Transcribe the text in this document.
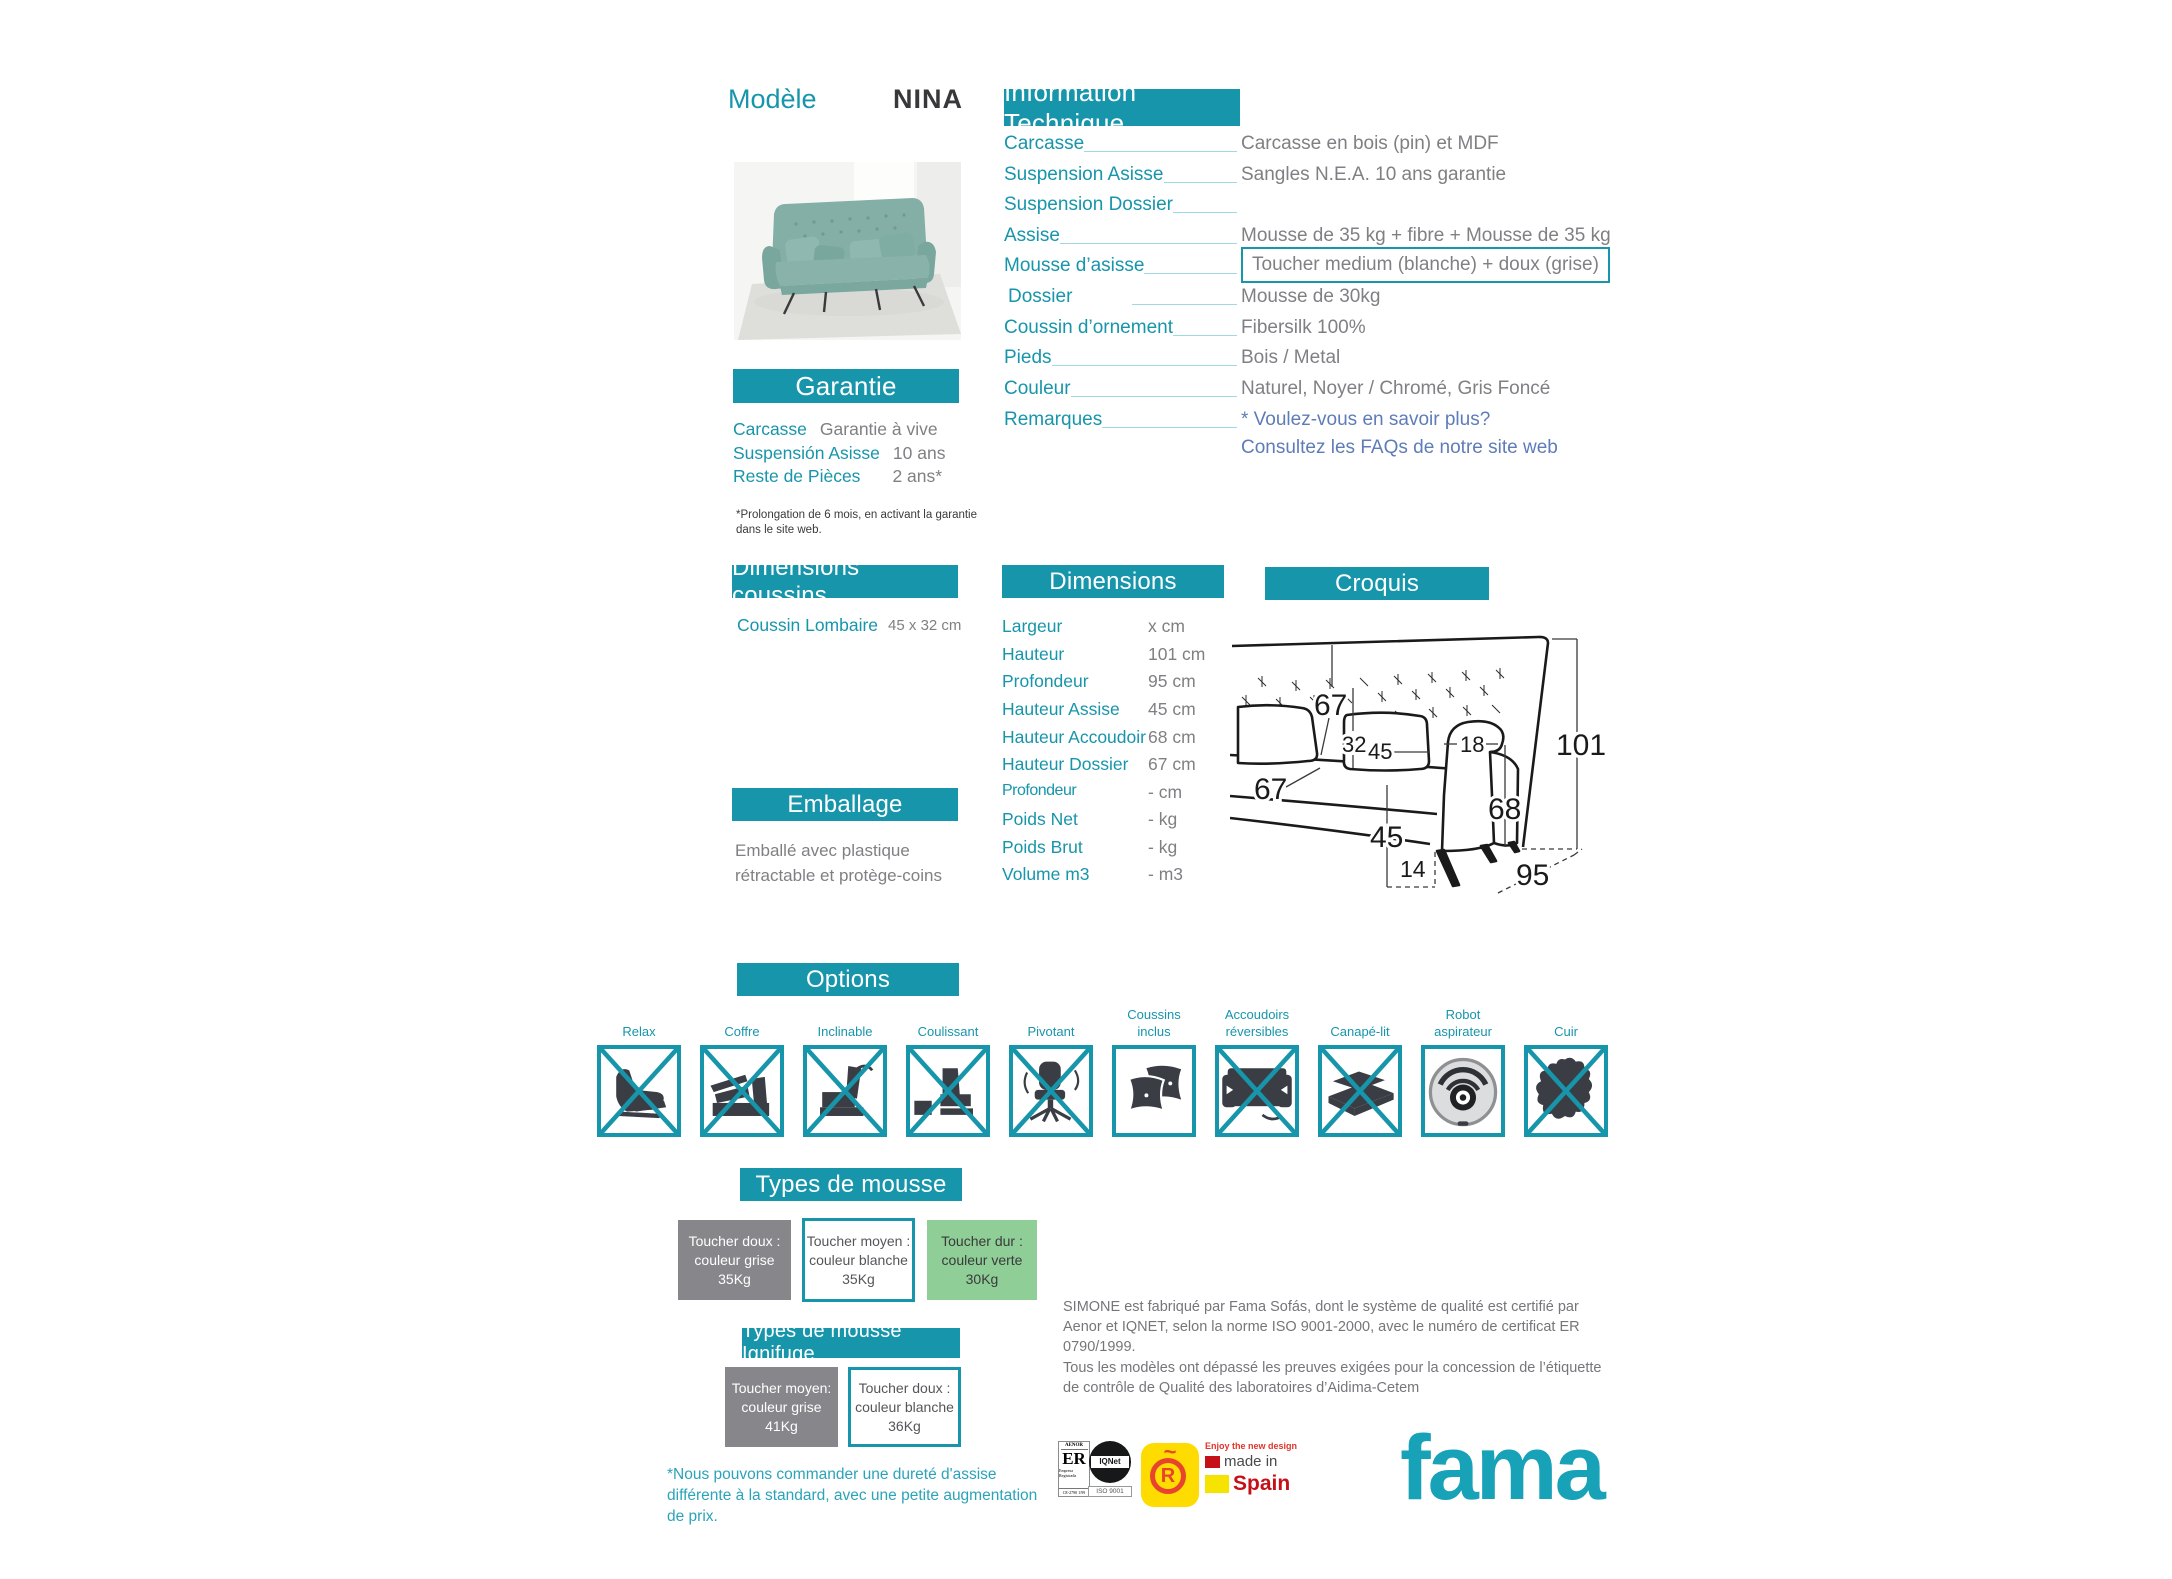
Modèle	NINA Information Technique
Carcasse	Carcasse en bois (pin) et MDF
Suspension Asisse	Sangles N.E.A. 10 ans garantie
Suspension Dossier
Assise	Mousse de 35 kg + fibre + Mousse de 35 kg
Mousse d’asisse	Toucher medium (blanche) + doux (grise)
Dossier	Mousse de 30kg
Coussin d’ornement	Fibersilk 100%
Pieds	Bois / Metal
Couleur	Naturel, Noyer / Chromé, Gris Foncé
Remarques	* Voulez-vous en savoir plus?
Consultez les FAQs de notre site web
Garantie
Carcasse Garantie à vive
Suspensión Asisse 10 ans
Reste de Pièces 2 ans*
*Prolongation de 6 mois, en activant la garantie dans le site web.
Dimensions coussins
Coussin Lombaire 45 x 32 cm
Emballage
Emballé avec plastique rétractable et protège-coins
Dimensions
Largeur	x cm
Hauteur	101 cm
Profondeur	95 cm
Hauteur Assise	45 cm
Hauteur Accoudoir 68 cm
Hauteur Dossier	67 cm
Profondeur	- cm
Poids Net	- kg
Poids Brut	- kg
Volume m3	- m3
Croquis
67
32 45	18 101
67
68
45
14	95
Options
Relax	Coffre	Inclinable	Coulissant	Pivotant
Coussins
inclus
Accoudoirs
réversibles	Canapé-lit
Robot
aspirateur	Cuir
Types de mousse
Toucher doux :
couleur grise
35Kg
Toucher moyen :
couleur blanche
35Kg
Toucher dur :
couleur verte
30Kg
Types de mousse Ignifuge
Toucher moyen:
couleur grise
41Kg
Toucher doux :
couleur blanche
36Kg
*Nous pouvons commander une dureté d'assise différente à la standard, avec une petite augmentation de prix.
SIMONE est fabriqué par Fama Sofás, dont le système de qualité est certifié par Aenor et IQNET, selon la norme ISO 9001-2000, avec le numéro de certificat ER 0790/1999.
Tous les modèles ont dépassé les preuves exigées pour la concession de l’étiquette de contrôle de Qualité des laboratoires d’Aidima-Cetem
AENOR
ER
Empresa Registrada
CE-2790 1/99
IQNet
ISO 9001
~
R
Enjoy the new design
made in
Spain fama
